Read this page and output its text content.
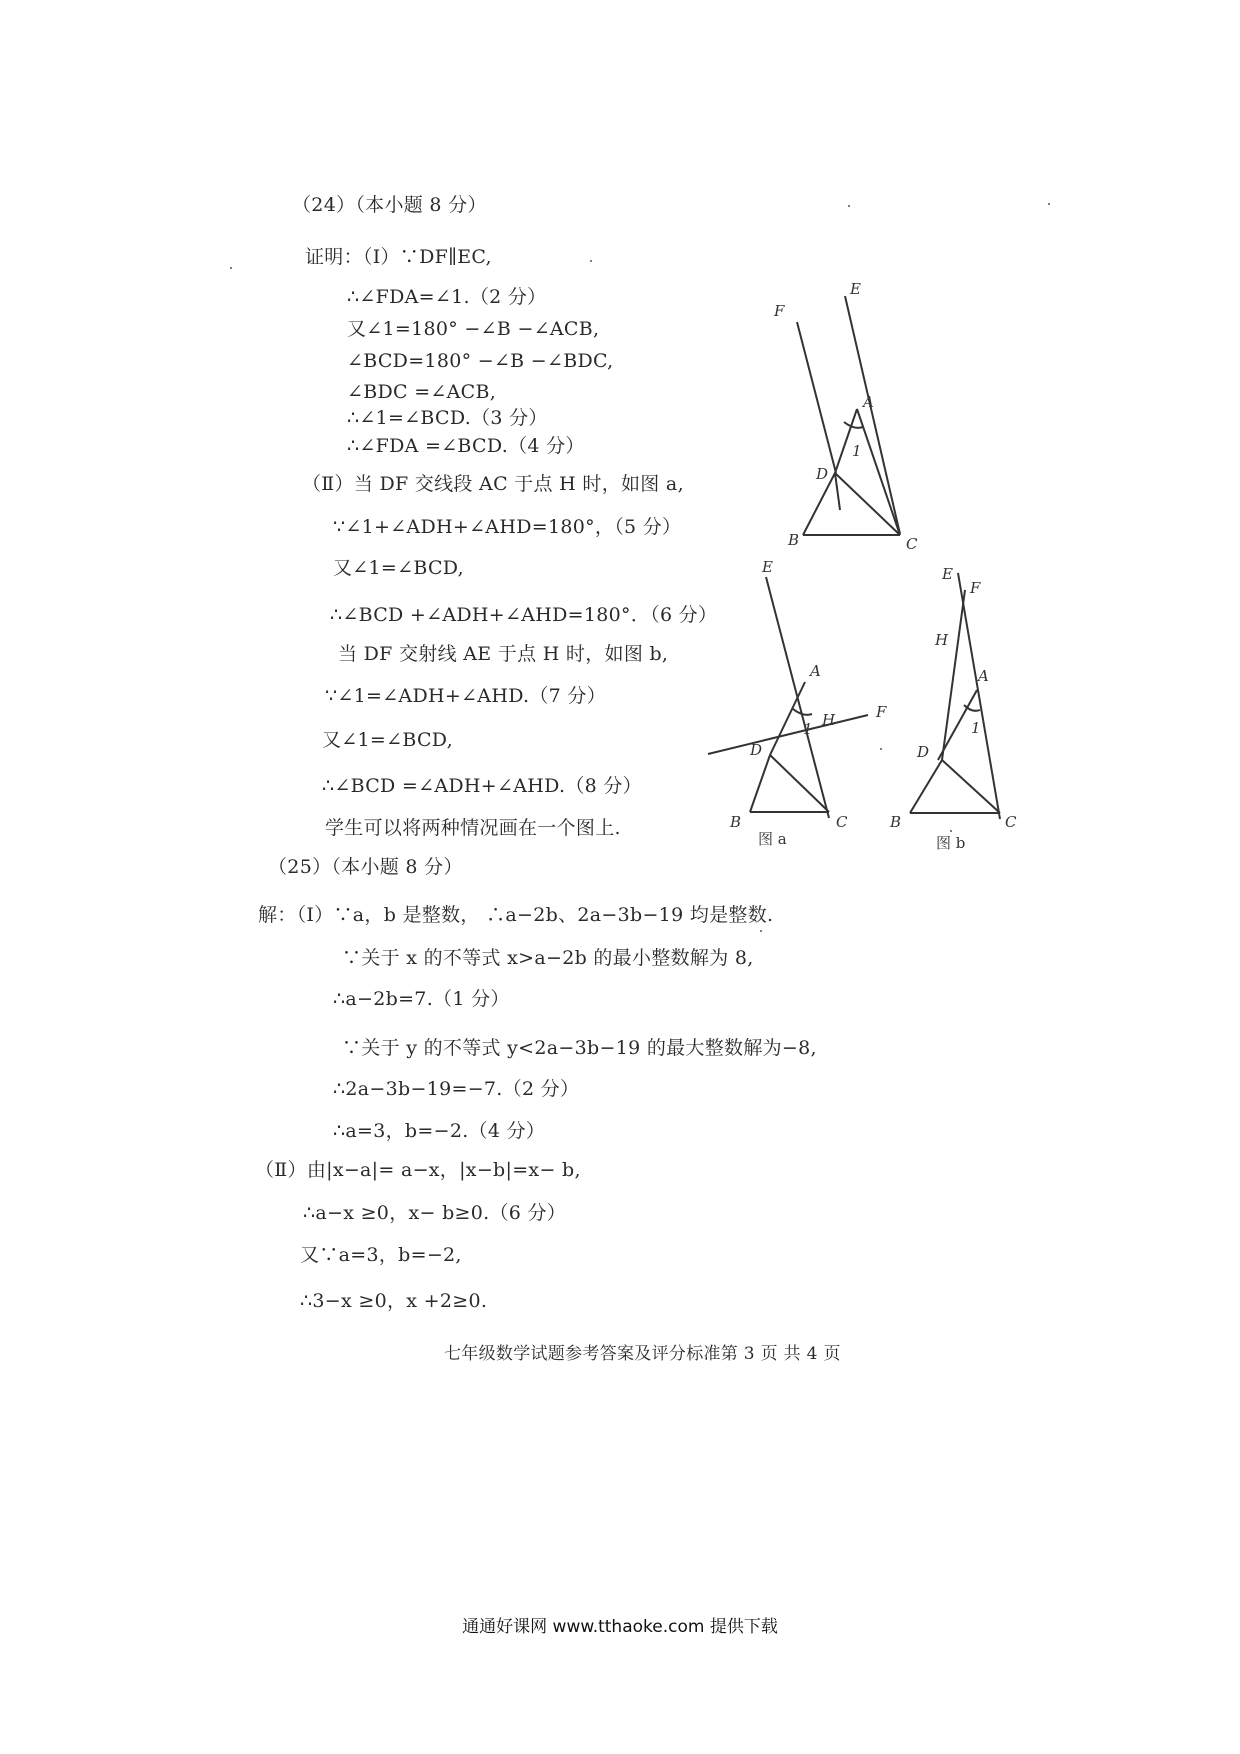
（24）（本小题 8 分）
证明：（Ⅰ）∵DF∥EC,
∴∠FDA=∠1.（2 分）
又∠1=180° −∠B −∠ACB,
∠BCD=180° −∠B −∠BDC,
∠BDC =∠ACB,
∴∠1=∠BCD.（3 分）
∴∠FDA =∠BCD.（4 分）
（Ⅱ）当 DF 交线段 AC 于点 H 时，如图 a,
∵∠1+∠ADH+∠AHD=180°，（5 分）
又∠1=∠BCD,
∴∠BCD +∠ADH+∠AHD=180°．（6 分）
当 DF 交射线 AE 于点 H 时，如图 b,
∵∠1=∠ADH+∠AHD.（7 分）
又∠1=∠BCD,
∴∠BCD =∠ADH+∠AHD.（8 分）
学生可以将两种情况画在一个图上.
（25）（本小题 8 分）
解：（Ⅰ）∵a，b 是整数， ∴a−2b、2a−3b−19 均是整数.
∵关于 x 的不等式 x>a−2b 的最小整数解为 8,
∴a−2b=7.（1 分）
∵关于 y 的不等式 y<2a−3b−19 的最大整数解为−8,
∴2a−3b−19=−7.（2 分）
∴a=3，b=−2.（4 分）
（Ⅱ）由|x−a|= a−x，|x−b|=x− b,
∴a−x ≥0，x− b≥0.（6 分）
又∵a=3，b=−2,
∴3−x ≥0，x +2≥0.
E
F
A
1
D
B	C
E
A
1 H	F
D
B	C
图 a
E
F
H
A
1
D
B	C
图 b
七年级数学试题参考答案及评分标准第 3 页 共 4 页
通通好课网 www.tthaoke.com 提供下载
